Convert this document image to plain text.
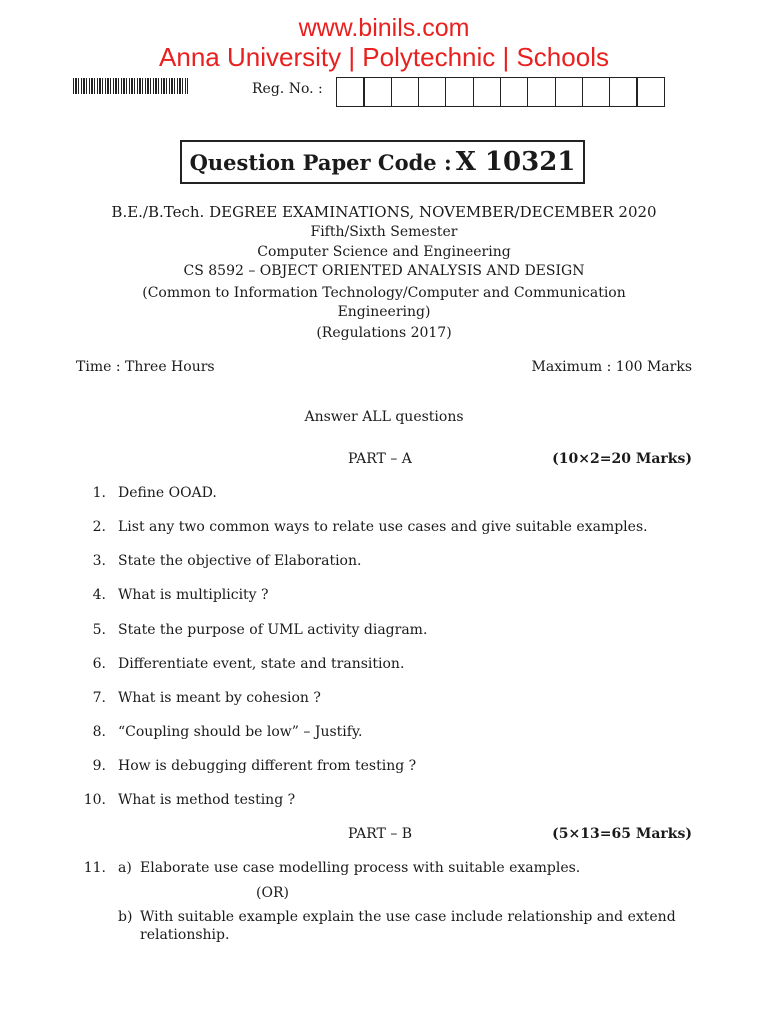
www.binils.com
Anna University | Polytechnic | Schools
Reg. No. :
Question Paper Code : X 10321
B.E./B.Tech. DEGREE EXAMINATIONS, NOVEMBER/DECEMBER 2020
Fifth/Sixth Semester
Computer Science and Engineering
CS 8592 – OBJECT ORIENTED ANALYSIS AND DESIGN
(Common to Information Technology/Computer and Communication
Engineering)
(Regulations 2017)
Time : Three Hours	Maximum : 100 Marks
Answer ALL questions
PART – A	(10×2=20 Marks)
1. Define OOAD.
2. List any two common ways to relate use cases and give suitable examples.
3. State the objective of Elaboration.
4. What is multiplicity ?
5. State the purpose of UML activity diagram.
6. Differentiate event, state and transition.
7. What is meant by cohesion ?
8. “Coupling should be low” – Justify.
9. How is debugging different from testing ?
10. What is method testing ?
PART – B	(5×13=65 Marks)
11. a) Elaborate use case modelling process with suitable examples.
(OR)
b) With suitable example explain the use case include relationship and extend
relationship.
